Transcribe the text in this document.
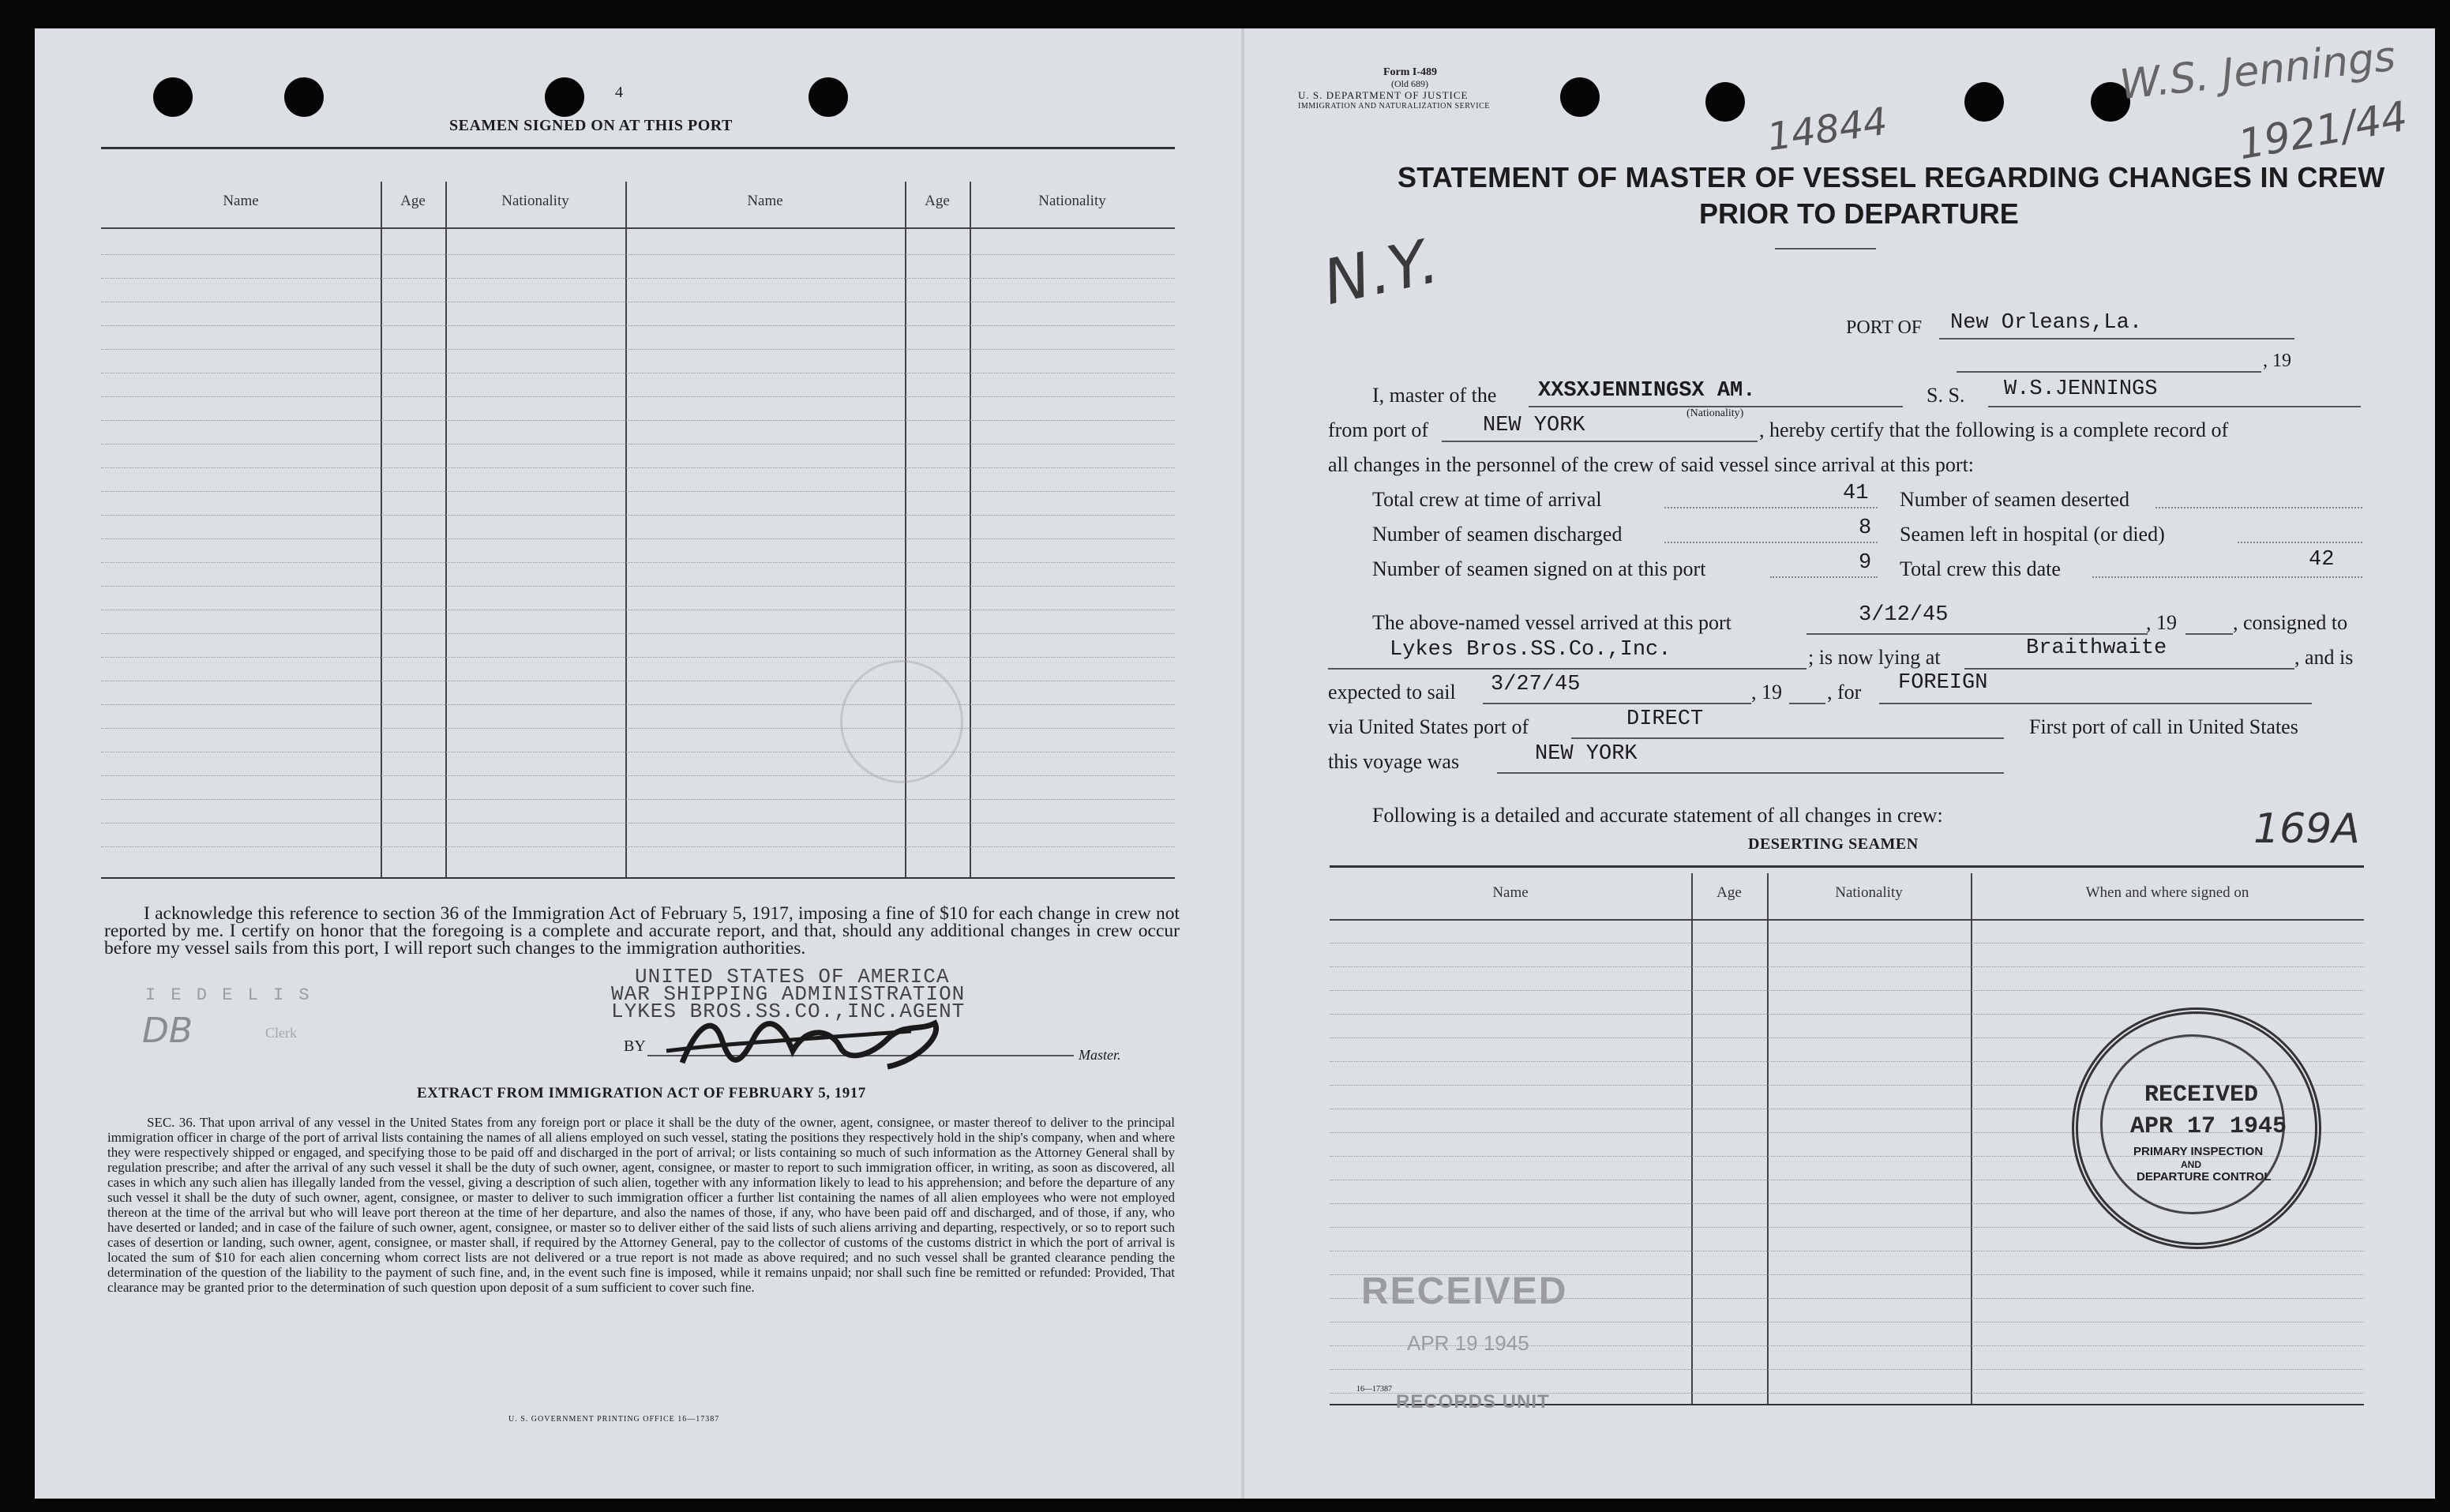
4
SEAMEN SIGNED ON AT THIS PORT
Name	Age	Nationality	Name	Age	Nationality
I acknowledge this reference to section 36 of the Immigration Act of February 5, 1917, imposing a fine of $10 for each change in crew not reported by me. I certify on honor that the foregoing is a complete and accurate report, and that, should any additional changes in crew occur before my vessel sails from this port, I will report such changes to the immigration authorities.
I E D E L I S
Clerk
DB
UNITED STATES OF AMERICA
WAR SHIPPING ADMINISTRATION
LYKES BROS.SS.CO.,INC.AGENT
BY	Master.
EXTRACT FROM IMMIGRATION ACT OF FEBRUARY 5, 1917
SEC. 36. That upon arrival of any vessel in the United States from any foreign port or place it shall be the duty of the owner, agent, consignee, or master thereof to deliver to the principal immigration officer in charge of the port of arrival lists containing the names of all aliens employed on such vessel, stating the positions they respectively hold in the ship's company, when and where they were respectively shipped or engaged, and specifying those to be paid off and discharged in the port of arrival; or lists containing so much of such information as the Attorney General shall by regulation prescribe; and after the arrival of any such vessel it shall be the duty of such owner, agent, consignee, or master to report to such immigration officer, in writing, as soon as discovered, all cases in which any such alien has illegally landed from the vessel, giving a description of such alien, together with any information likely to lead to his apprehension; and before the departure of any such vessel it shall be the duty of such owner, agent, consignee, or master to deliver to such immigration officer a further list containing the names of all alien employees who were not employed thereon at the time of the arrival but who will leave port thereon at the time of her departure, and also the names of those, if any, who have been paid off and discharged, and of those, if any, who have deserted or landed; and in case of the failure of such owner, agent, consignee, or master so to deliver either of the said lists of such aliens arriving and departing, respectively, or so to report such cases of desertion or landing, such owner, agent, consignee, or master shall, if required by the Attorney General, pay to the collector of customs of the customs district in which the port of arrival is located the sum of $10 for each alien concerning whom correct lists are not delivered or a true report is not made as above required; and no such vessel shall be granted clearance pending the determination of the question of the liability to the payment of such fine, and, in the event such fine is imposed, while it remains unpaid; nor shall such fine be remitted or refunded: Provided, That clearance may be granted prior to the determination of such question upon deposit of a sum sufficient to cover such fine.
U. S. GOVERNMENT PRINTING OFFICE 16—17387
Form I-489
(Old 689)
U. S. DEPARTMENT OF JUSTICE
IMMIGRATION AND NATURALIZATION SERVICE	14844
W.S. Jennings
1921/44
STATEMENT OF MASTER OF VESSEL REGARDING CHANGES IN CREW
PRIOR TO DEPARTURE
N.Y.
PORT OF New Orleans,La.
, 19
I, master of the XXSXJENNINGSX AM.
(Nationality)
S. S. W.S.JENNINGS
from port of	NEW YORK	, hereby certify that the following is a complete record of
all changes in the personnel of the crew of said vessel since arrival at this port:
Total crew at time of arrival	41
Number of seamen discharged	8
Number of seamen signed on at this port	9
Number of seamen deserted
Seamen left in hospital (or died)
Total crew this date	42
The above-named vessel arrived at this port	3/12/45	, 19	, consigned to
Lykes Bros.SS.Co.,Inc.	; is now lying at	Braithwaite	, and is
expected to sail 3/27/45	, 19 , for FOREIGN
via United States port of	DIRECT	First port of call in United States
this voyage was	NEW YORK
Following is a detailed and accurate statement of all changes in crew:
DESERTING SEAMEN	169A
Name	Age	Nationality	When and where signed on
RECEIVED
APR 17 1945
PRIMARY INSPECTION
AND
DEPARTURE CONTROL
RECEIVED
APR 19 1945
16—17387
RECORDS UNIT
